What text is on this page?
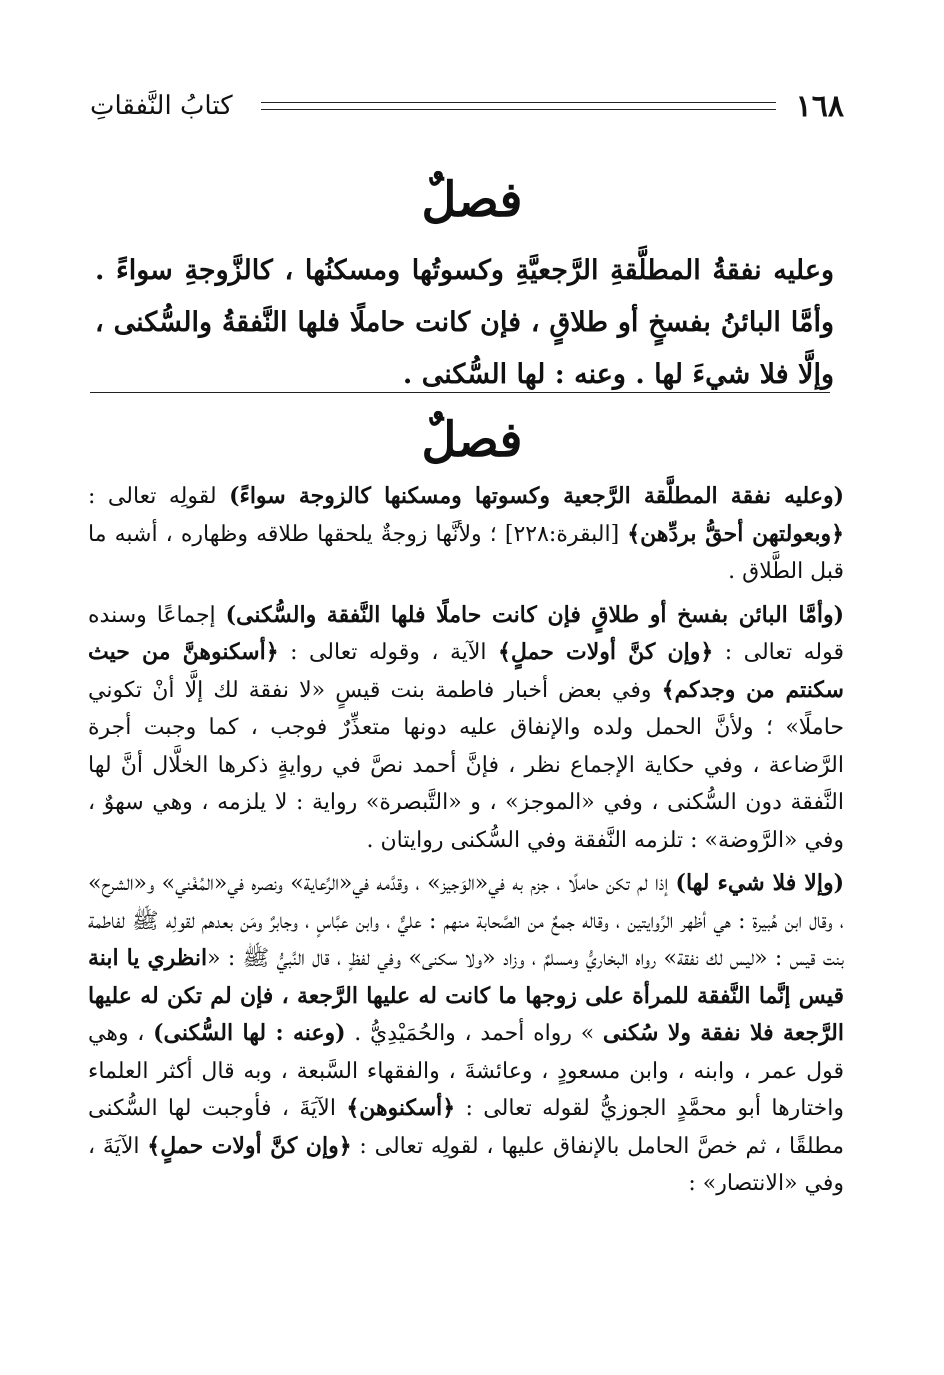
١٦٨
كتابُ النَّفقاتِ
فصلٌ
وعليه نفقةُ المطلَّقةِ الرَّجعيَّةِ وكسوتُها ومسكنُها ، كالزَّوجةِ سواءً . وأمَّا البائنُ بفسخٍ أو طلاقٍ ، فإن كانت حاملًا فلها النَّفقةُ والسُّكنى ، وإلَّا فلا شيءَ لها . وعنه : لها السُّكنى .
فصلٌ

(وعليه نفقة المطلَّقة الرَّجعية وكسوتها ومسكنها كالزوجة سواءً) لقولِه تعالى : ﴿وبعولتهن أحقُّ بردِّهن﴾ [البقرة:٢٢٨] ؛ ولأنَّها زوجةٌ يلحقها طلاقه وظهاره ، أشبه ما قبل الطَّلاق .

(وأمَّا البائن بفسخ أو طلاقٍ فإن كانت حاملًا فلها النَّفقة والسُّكنى) إجماعًا وسنده قوله تعالى : ﴿وإن كنَّ أولات حملٍ﴾ الآية ، وقوله تعالى : ﴿أسكنوهنَّ من حيث سكنتم من وجدكم﴾ وفي بعض أخبار فاطمة بنت قيسٍ «لا نفقة لك إلَّا أنْ تكوني حاملًا» ؛ ولأنَّ الحمل ولده والإنفاق عليه دونها متعذِّرٌ فوجب ، كما وجبت أجرة الرَّضاعة ، وفي حكاية الإجماع نظر ، فإنَّ أحمد نصَّ في روايةٍ ذكرها الخلَّال أنَّ لها النَّفقة دون السُّكنى ، وفي «الموجز» ، و «التَّبصرة» رواية : لا يلزمه ، وهي سهوٌ ، وفي «الرَّوضة» : تلزمه النَّفقة وفي السُّكنى روايتان .

(وإلا فلا شيء لها) إذا لم تكن حاملًا ، جزم به في«الوَجيز» ، وقدَّمه في«الرِّعاية» ونصره في«المُغْني» و«الشرح» ، وقال ابن هُبيرة : هي أظهر الرِّوايتين ، وقاله جمعٌ من الصَّحابة منهم : عليٌّ ، وابن عبَّاسٍ ، وجابرٌ ومَن بعدهم لقولِه ﷺ لفاطمة بنت قيس : «ليس لك نفقة» رواه البخاريُّ ومسلمٌ ، وزاد «ولا سكنى» وفي لفظٍ ، قال النَّبيُّ ﷺ : «انظري يا ابنة قيس إنَّما النَّفقة للمرأة على زوجها ما كانت له عليها الرَّجعة ، فإن لم تكن له عليها الرَّجعة فلا نفقة ولا سُكنى » رواه أحمد ، والحُمَيْدِيُّ . (وعنه : لها السُّكنى) ، وهي قول عمر ، وابنه ، وابن مسعودٍ ، وعائشةَ ، والفقهاء السَّبعة ، وبه قال أكثر العلماء واختارها أبو محمَّدٍ الجوزيُّ لقوله تعالى : ﴿أسكنوهن﴾ الآيَةَ ، فأوجبت لها السُّكنى مطلقًا ، ثم خصَّ الحامل بالإنفاق عليها ، لقولِه تعالى : ﴿وإن كنَّ أولات حملٍ﴾ الآيَةَ ، وفي «الانتصار» :
